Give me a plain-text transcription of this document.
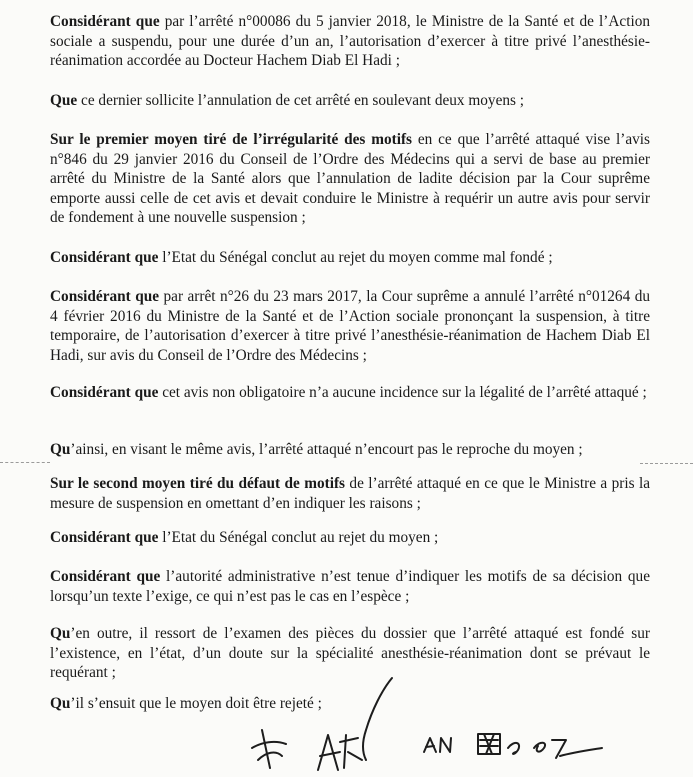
Considérant que par l’arrêté n°00086 du 5 janvier 2018, le Ministre de la Santé et de l’Action sociale a suspendu, pour une durée d’un an, l’autorisation d’exercer à titre privé l’anesthésie-réanimation accordée au Docteur Hachem Diab El Hadi ;

Que ce dernier sollicite l’annulation de cet arrêté en soulevant deux moyens ;

Sur le premier moyen tiré de l’irrégularité des motifs en ce que l’arrêté attaqué vise l’avis n°846 du 29 janvier 2016 du Conseil de l’Ordre des Médecins qui a servi de base au premier arrêté du Ministre de la Santé alors que l’annulation de ladite décision par la Cour suprême emporte aussi celle de cet avis et devait conduire le Ministre à requérir un autre avis pour servir de fondement à une nouvelle suspension ;

Considérant que l’Etat du Sénégal conclut au rejet du moyen comme mal fondé ;

Considérant que par arrêt n°26 du 23 mars 2017, la Cour suprême a annulé l’arrêté n°01264 du 4 février 2016 du Ministre de la Santé et de l’Action sociale prononçant la suspension, à titre temporaire, de l’autorisation d’exercer à titre privé l’anesthésie-réanimation de Hachem Diab El Hadi, sur avis du Conseil de l’Ordre des Médecins ;

Considérant que cet avis non obligatoire n’a aucune incidence sur la légalité de l’arrêté attaqué ;

Qu’ainsi, en visant le même avis, l’arrêté attaqué n’encourt pas le reproche du moyen ;

Sur le second moyen tiré du défaut de motifs de l’arrêté attaqué en ce que le Ministre a pris la mesure de suspension en omettant d’en indiquer les raisons ;

Considérant que l’Etat du Sénégal conclut au rejet du moyen ;

Considérant que l’autorité administrative n’est tenue d’indiquer les motifs de sa décision que lorsqu’un texte l’exige, ce qui n’est pas le cas en l’espèce ;

Qu’en outre, il ressort de l’examen des pièces du dossier que l’arrêté attaqué est fondé sur l’existence, en l’état, d’un doute sur la spécialité anesthésie-réanimation dont se prévaut le requérant ;

Qu’il s’ensuit que le moyen doit être rejeté ;
